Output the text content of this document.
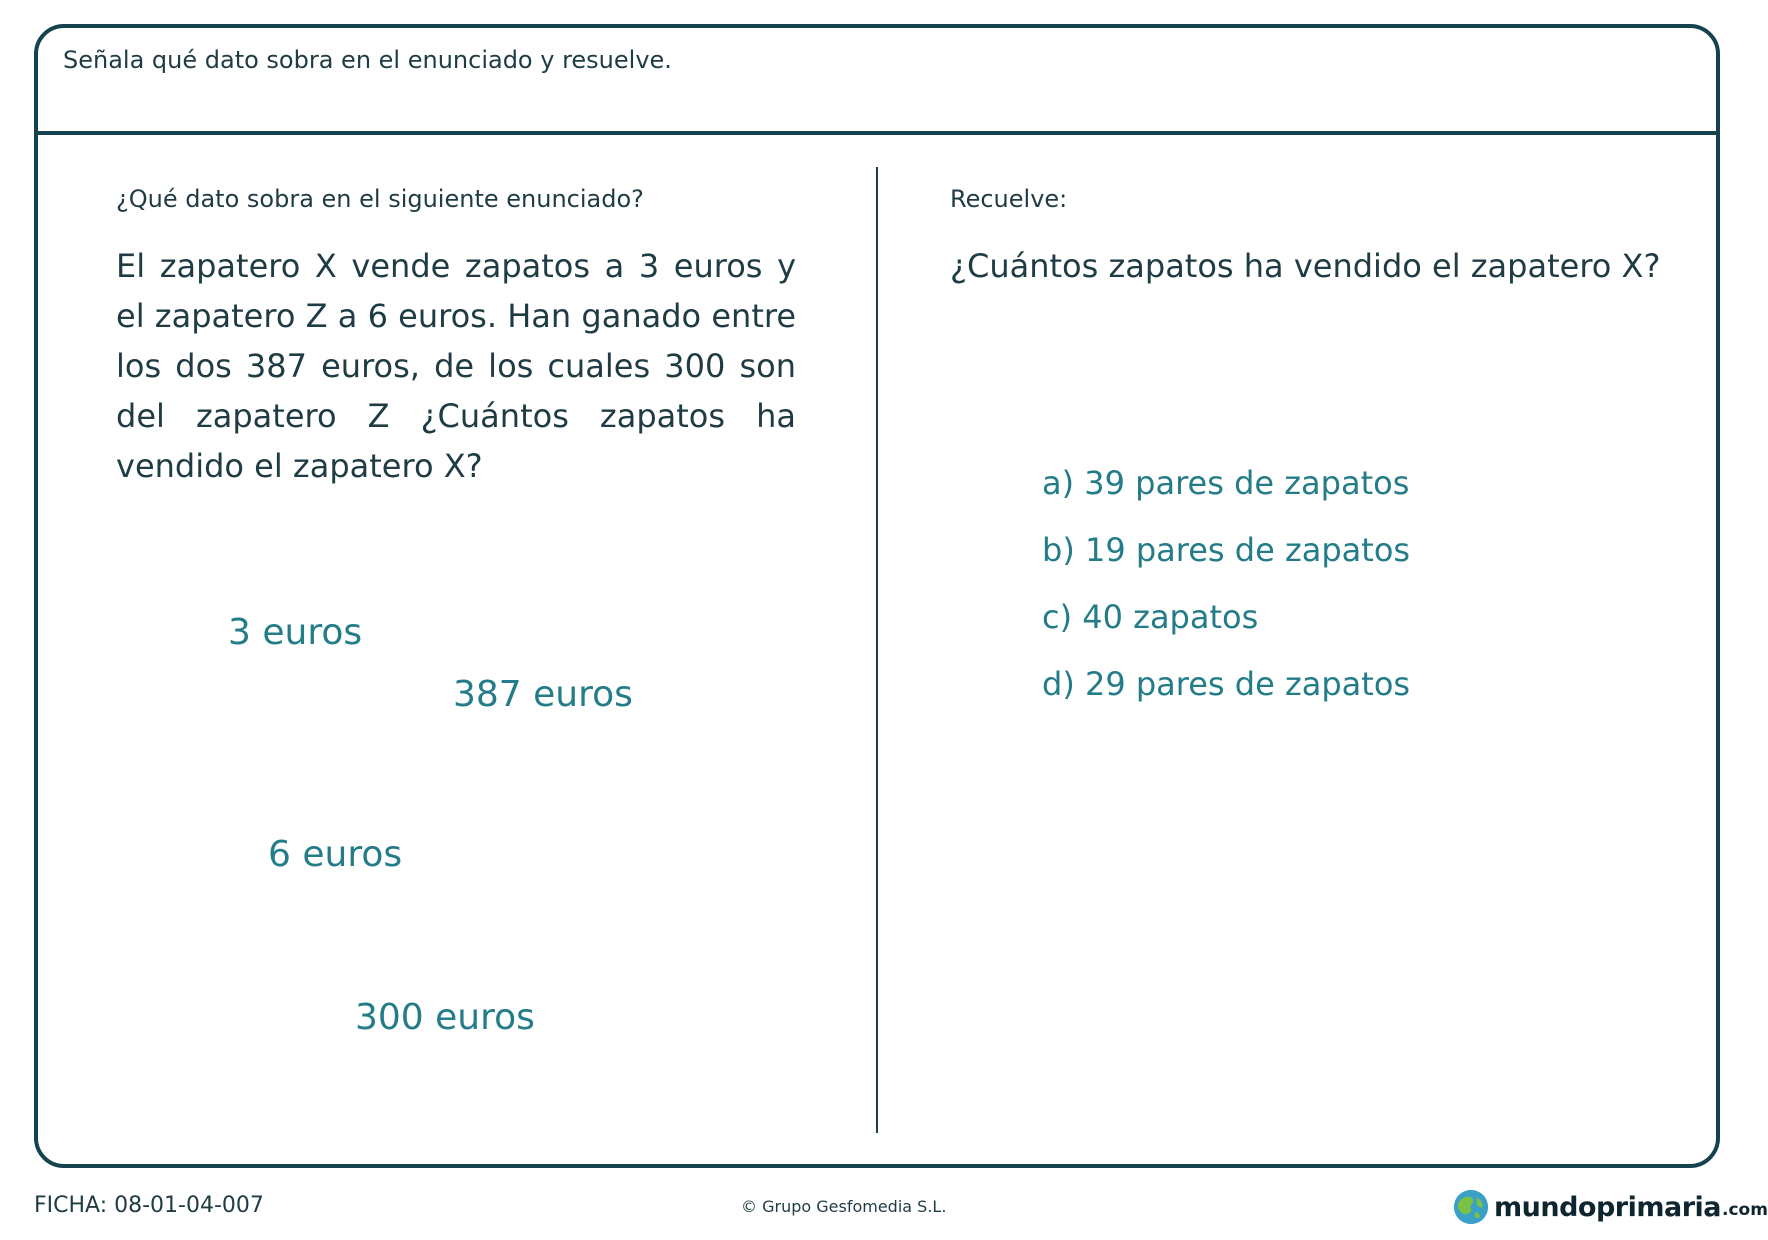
Señala qué dato sobra en el enunciado y resuelve.
¿Qué dato sobra en el siguiente enunciado?
El zapatero X vende zapatos a 3 euros y el zapatero Z a 6 euros. Han ganado entre los dos 387 euros, de los cuales 300 son del zapatero Z ¿Cuántos zapatos ha vendido el zapatero X?
3 euros
387 euros
6 euros
300 euros
Recuelve:
¿Cuántos zapatos ha vendido el zapatero X?
a) 39 pares de zapatos
b) 19 pares de zapatos
c) 40 zapatos
d) 29 pares de zapatos
FICHA: 08-01-04-007	© Grupo Gesfomedia S.L.	mundoprimaria .com
